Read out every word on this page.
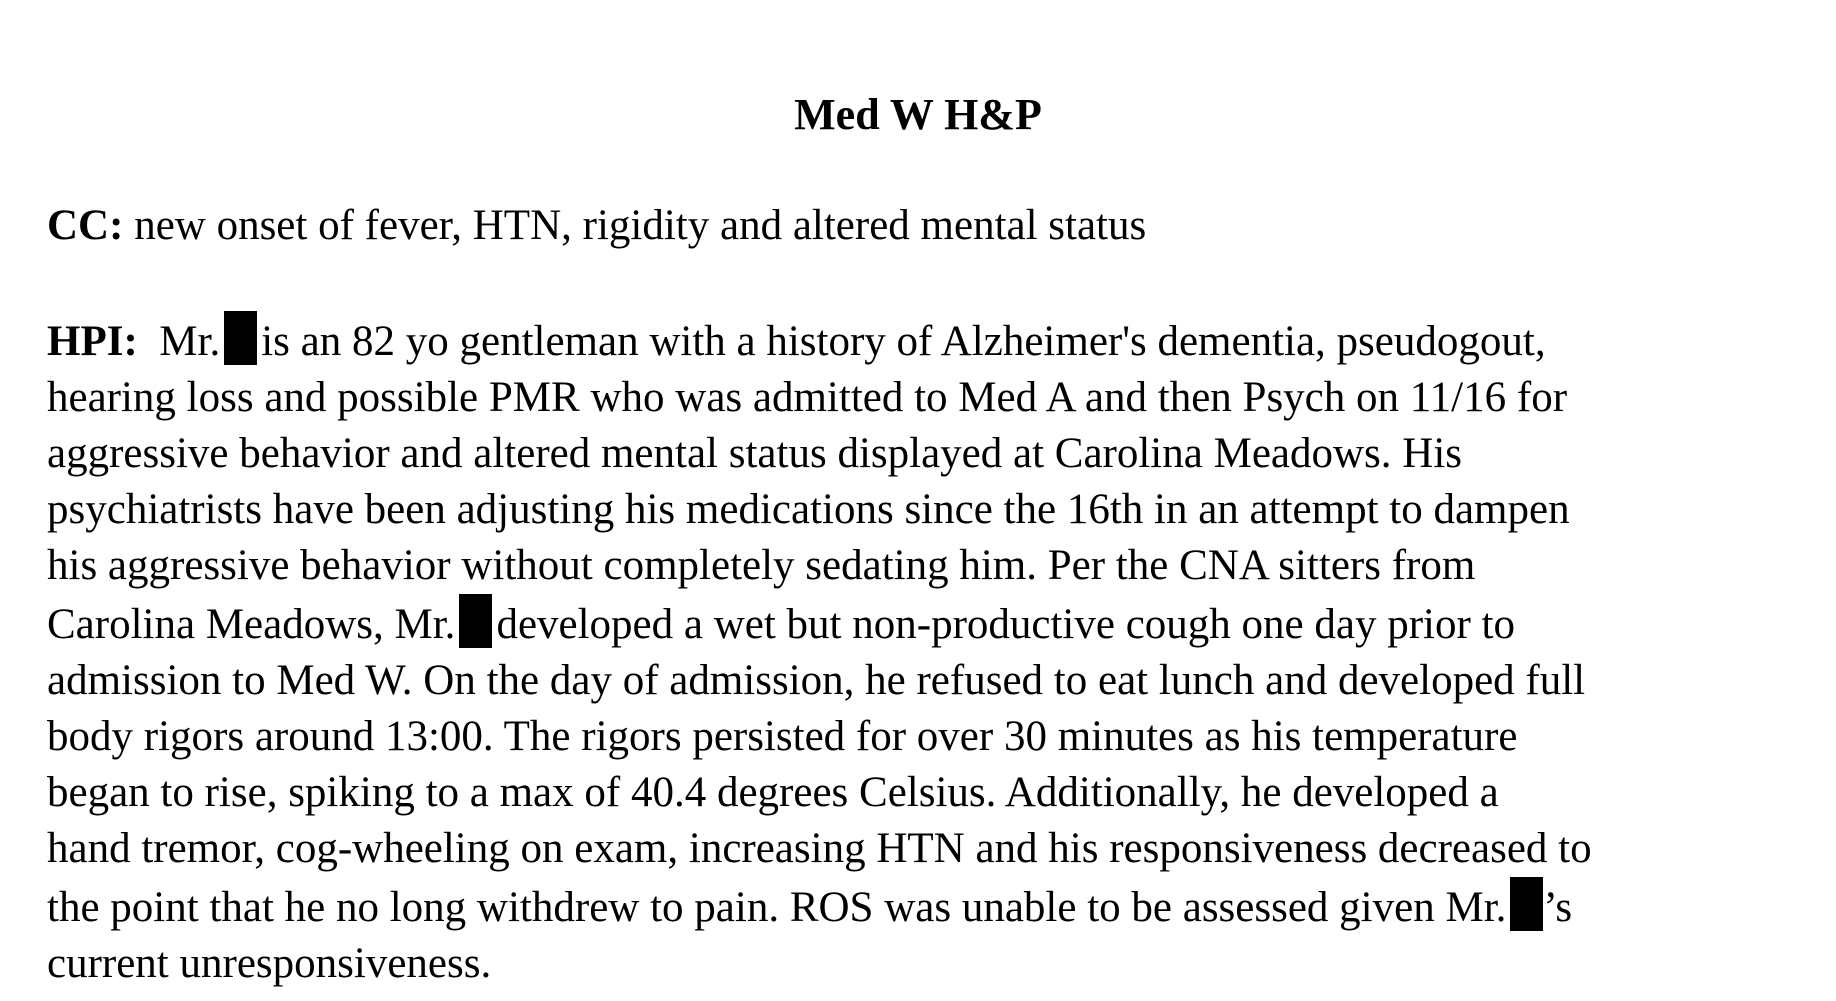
Med W H&P
CC: new onset of fever, HTN, rigidity and altered mental status
HPI: Mr. is an 82 yo gentleman with a history of Alzheimer's dementia, pseudogout,
hearing loss and possible PMR who was admitted to Med A and then Psych on 11/16 for
aggressive behavior and altered mental status displayed at Carolina Meadows. His
psychiatrists have been adjusting his medications since the 16th in an attempt to dampen
his aggressive behavior without completely sedating him. Per the CNA sitters from
Carolina Meadows, Mr. developed a wet but non-productive cough one day prior to
admission to Med W. On the day of admission, he refused to eat lunch and developed full
body rigors around 13:00. The rigors persisted for over 30 minutes as his temperature
began to rise, spiking to a max of 40.4 degrees Celsius. Additionally, he developed a
hand tremor, cog-wheeling on exam, increasing HTN and his responsiveness decreased to
the point that he no long withdrew to pain. ROS was unable to be assessed given Mr. ’s
current unresponsiveness.
